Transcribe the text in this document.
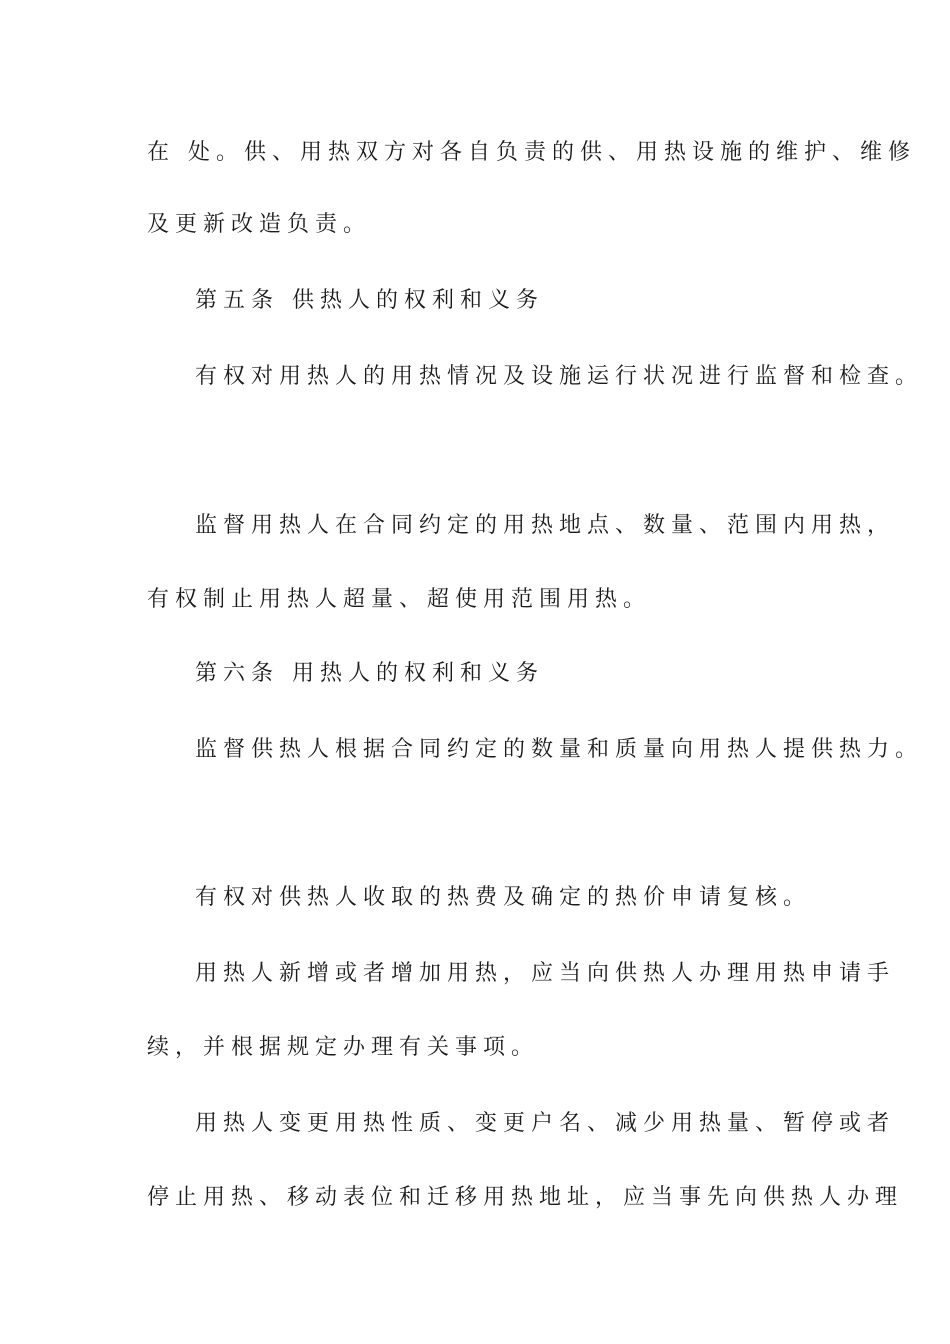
在 处。供、用热双方对各自负责的供、用热设施的维护、维修
及更新改造负责。
第五条 供热人的权利和义务
有权对用热人的用热情况及设施运行状况进行监督和检查。
监督用热人在合同约定的用热地点、数量、范围内用热，
有权制止用热人超量、超使用范围用热。
第六条 用热人的权利和义务
监督供热人根据合同约定的数量和质量向用热人提供热力。
有权对供热人收取的热费及确定的热价申请复核。
用热人新增或者增加用热，应当向供热人办理用热申请手
续，并根据规定办理有关事项。
用热人变更用热性质、变更户名、减少用热量、暂停或者
停止用热、移动表位和迁移用热地址，应当事先向供热人办理
